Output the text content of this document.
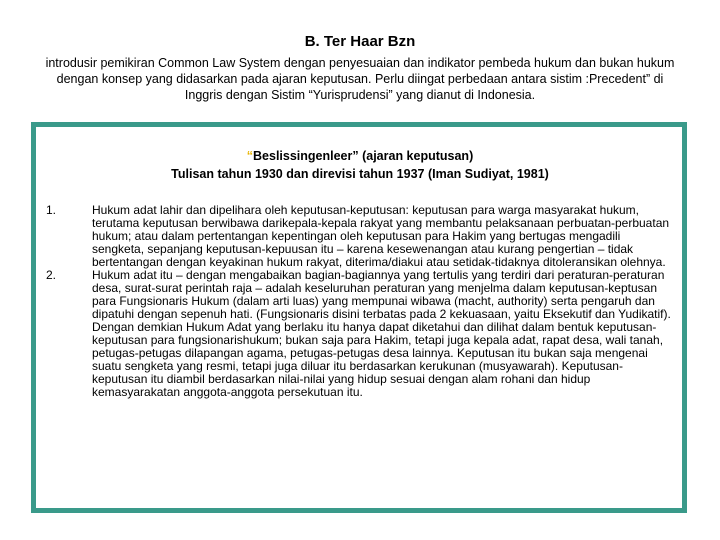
B. Ter Haar Bzn
introdusir pemikiran Common Law System dengan penyesuaian dan indikator pembeda hukum dan bukan hukum dengan konsep yang didasarkan pada ajaran keputusan. Perlu diingat perbedaan antara sistim :Precedent” di Inggris dengan Sistim “Yurisprudensi” yang dianut di Indonesia.
“Beslissingenleer” (ajaran keputusan)
Tulisan tahun 1930 dan direvisi tahun 1937 (Iman Sudiyat, 1981)
1.	Hukum adat lahir dan dipelihara oleh keputusan-keputusan: keputusan para warga masyarakat hukum, terutama keputusan berwibawa darikepala-kepala rakyat yang membantu pelaksanaan perbuatan-perbuatan hukum; atau dalam pertentangan kepentingan oleh keputusan para Hakim yang bertugas mengadili sengketa, sepanjang keputusan-kepuusan itu – karena kesewenangan atau kurang pengertian – tidak bertentangan dengan keyakinan hukum rakyat, diterima/diakui atau setidak-tidaknya ditoleransikan olehnya.
2.	Hukum adat itu – dengan mengabaikan bagian-bagiannya yang tertulis yang terdiri dari peraturan-peraturan desa, surat-surat perintah raja – adalah keseluruhan peraturan yang menjelma dalam keputusan-keptusan para Fungsionaris Hukum (dalam arti luas) yang mempunai wibawa (macht, authority) serta pengaruh dan dipatuhi dengan sepenuh hati. (Fungsionaris disini terbatas pada 2 kekuasaan, yaitu Eksekutif dan Yudikatif). Dengan demkian Hukum Adat yang berlaku itu hanya dapat diketahui dan dilihat dalam bentuk keputusan-keputusan para fungsionarishukum; bukan saja para Hakim, tetapi juga kepala adat, rapat desa, wali tanah, petugas-petugas dilapangan agama, petugas-petugas desa lainnya. Keputusan itu bukan saja mengenai suatu sengketa yang resmi, tetapi juga diluar itu berdasarkan kerukunan (musyawarah). Keputusan-keputusan itu diambil berdasarkan nilai-nilai yang hidup sesuai dengan alam rohani dan hidup kemasyarakatan anggota-anggota persekutuan itu.
